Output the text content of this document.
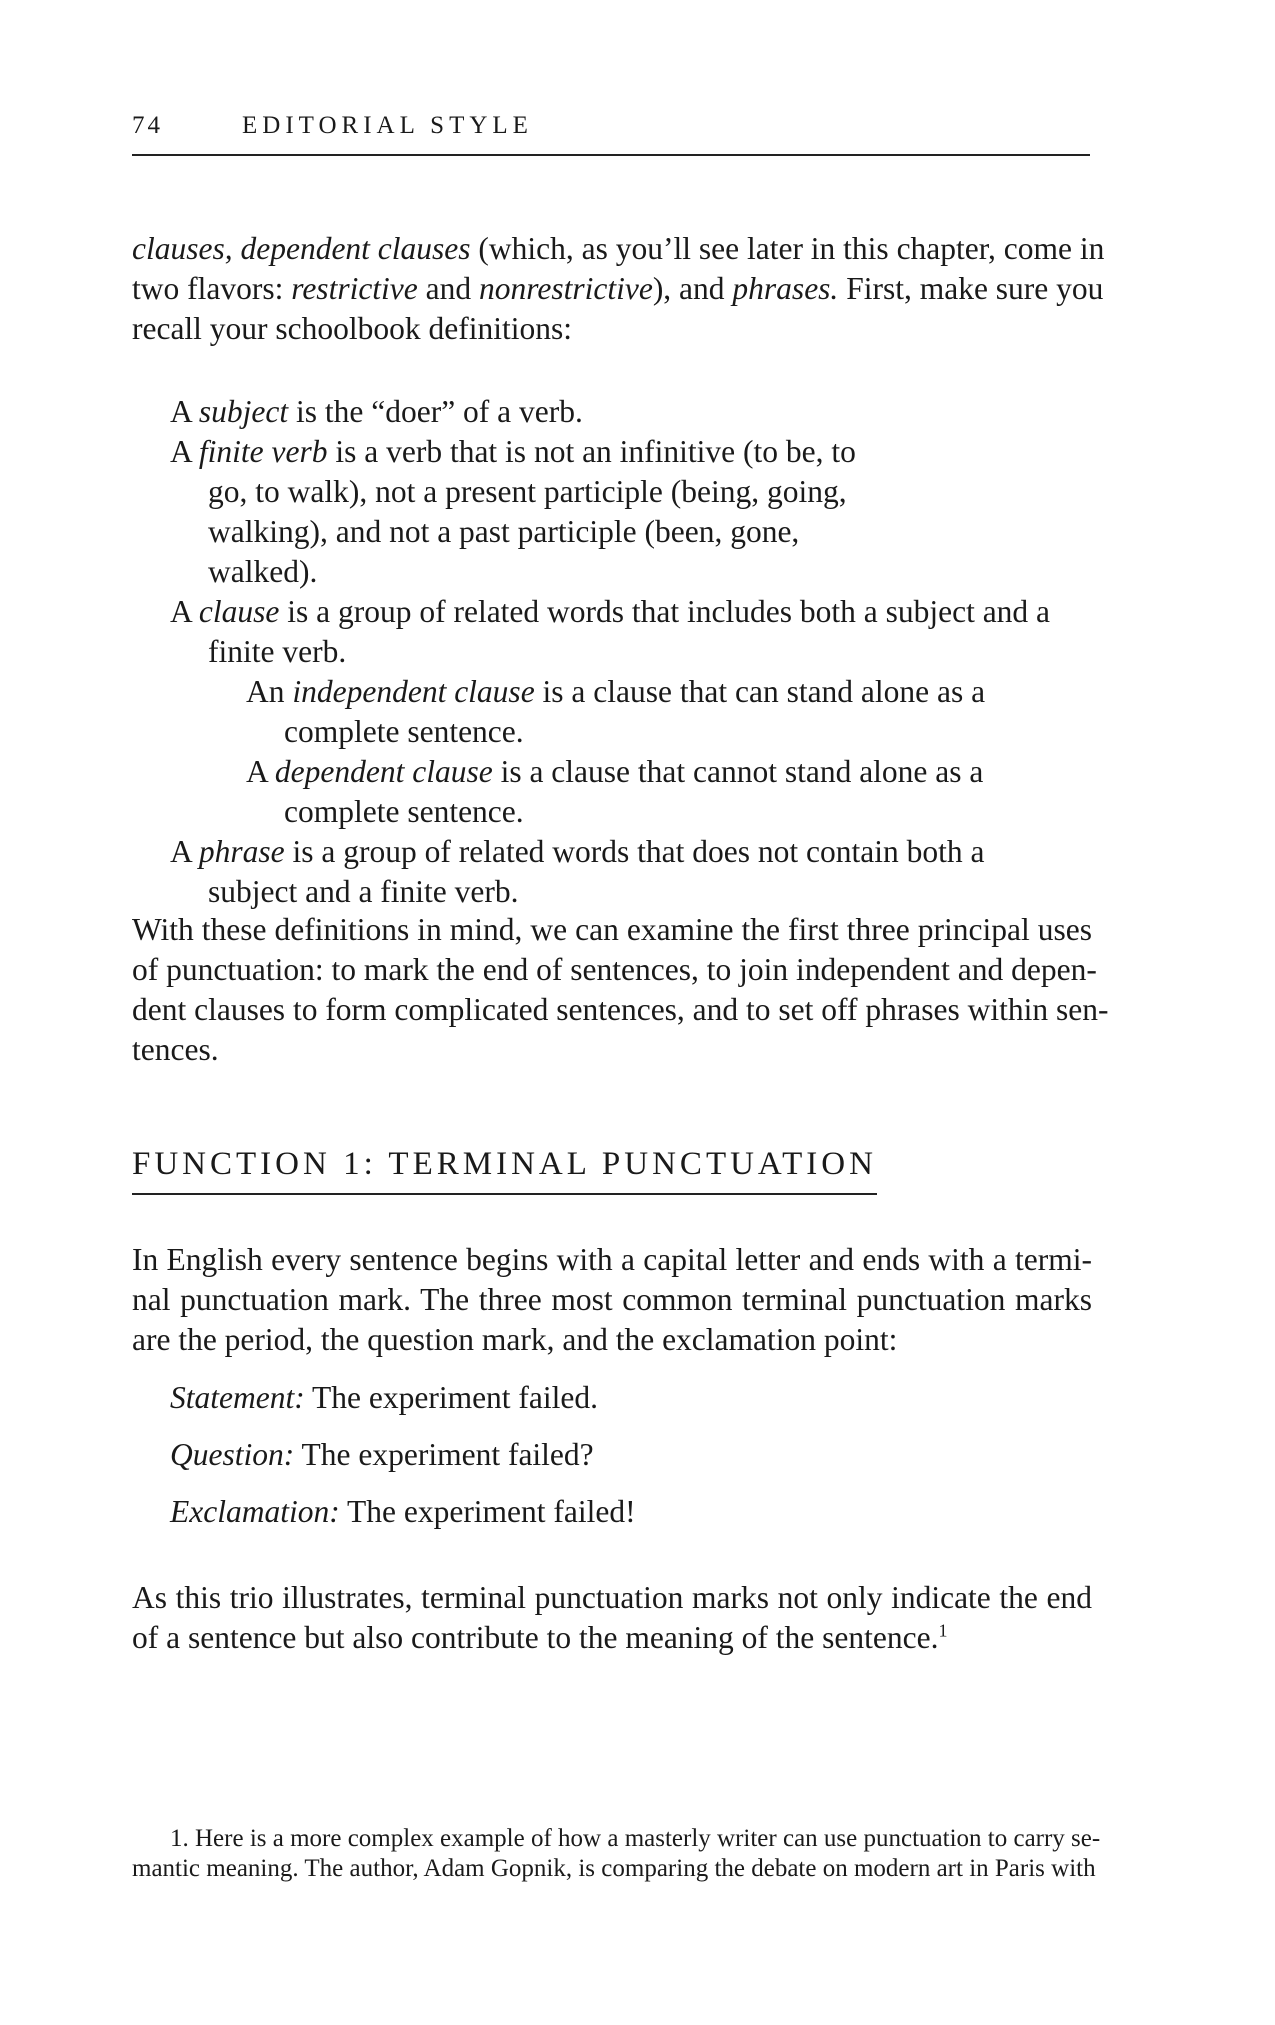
74	EDITORIAL STYLE
clauses, dependent clauses (which, as you’ll see later in this chapter, come in
two flavors: restrictive and nonrestrictive), and phrases. First, make sure you
recall your schoolbook definitions:

A subject is the “doer” of a verb.

A finite verb is a verb that is not an infinitive (to be, to go, to walk), not a present participle (being, going, walking), and not a past participle (been, gone, walked).

A clause is a group of related words that includes both a subject and a finite verb.

An independent clause is a clause that can stand alone as a complete sentence.

A dependent clause is a clause that cannot stand alone as a complete sentence.

A phrase is a group of related words that does not contain both a subject and a finite verb.

With these definitions in mind, we can examine the first three principal uses
of punctuation: to mark the end of sentences, to join independent and depen-
dent clauses to form complicated sentences, and to set off phrases within sen-
tences.
FUNCTION 1: TERMINAL PUNCTUATION
In English every sentence begins with a capital letter and ends with a termi-
nal punctuation mark. The three most common terminal punctuation marks
are the period, the question mark, and the exclamation point:

Statement: The experiment failed.

Question: The experiment failed?

Exclamation: The experiment failed!

As this trio illustrates, terminal punctuation marks not only indicate the end
of a sentence but also contribute to the meaning of the sentence.$^1$
1. Here is a more complex example of how a masterly writer can use punctuation to carry se-
mantic meaning. The author, Adam Gopnik, is comparing the debate on modern art in Paris with
